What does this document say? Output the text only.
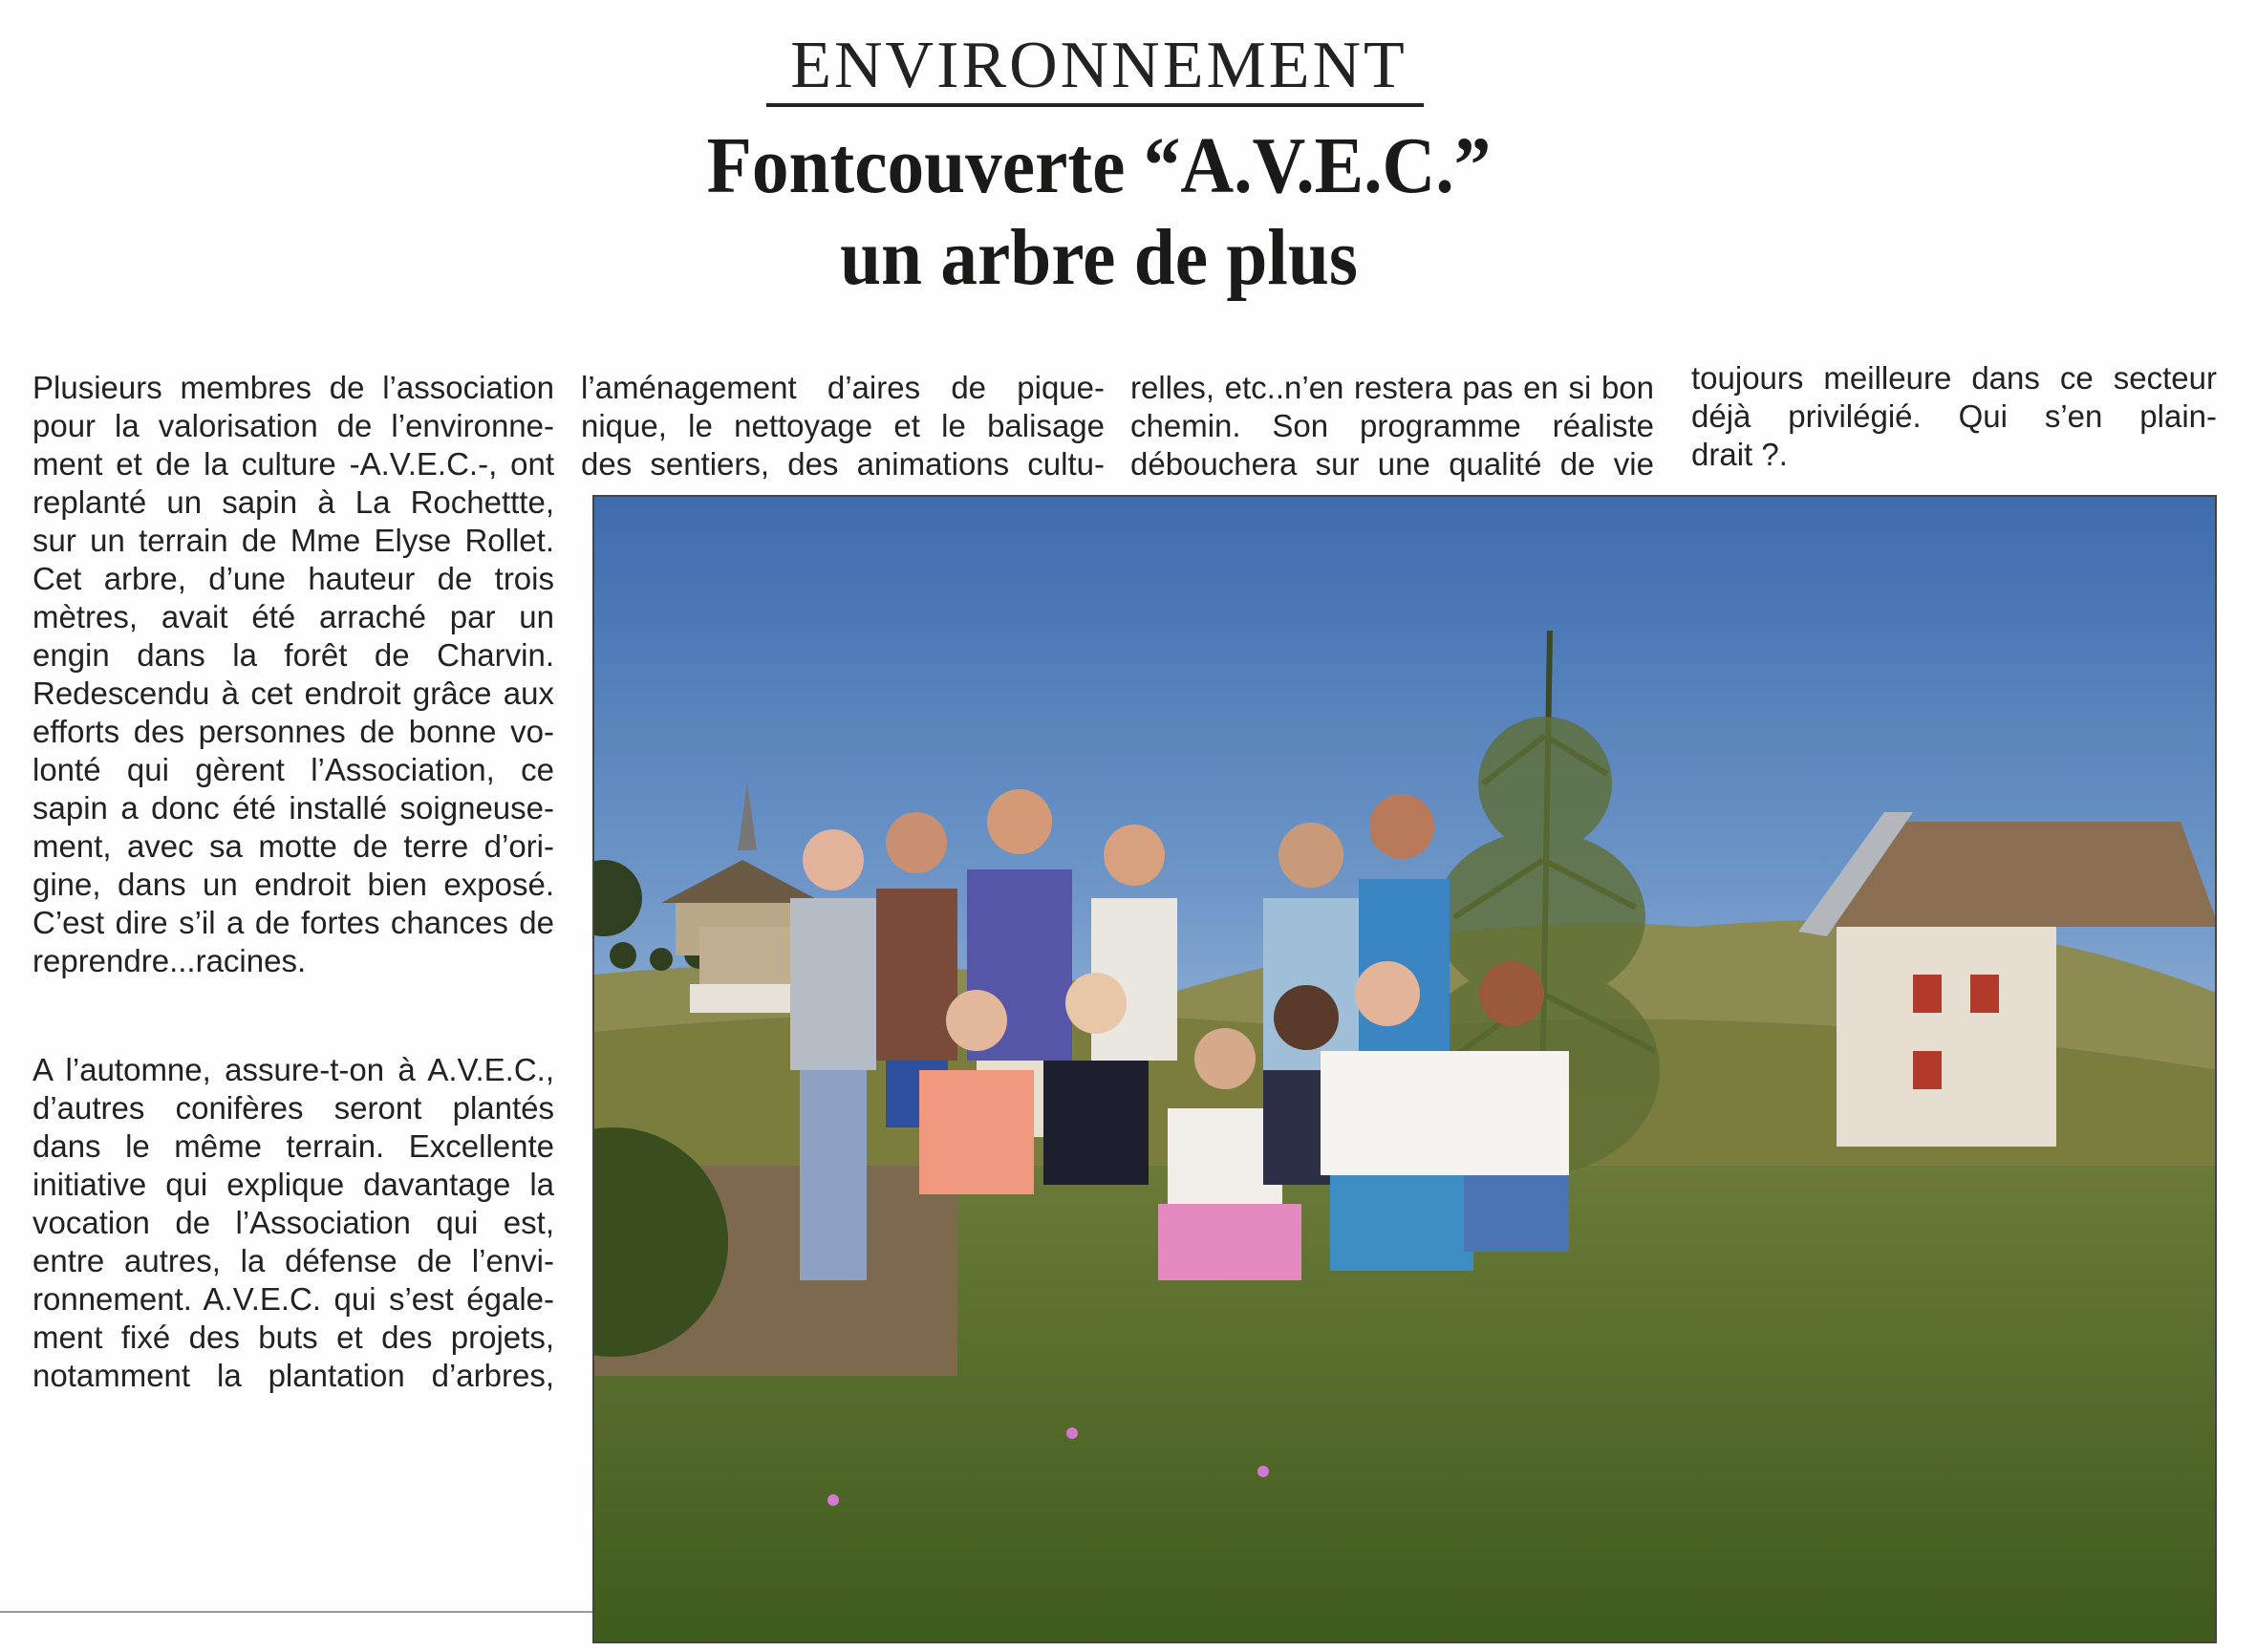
ENVIRONNEMENT
Fontcouverte “A.V.E.C.”
un arbre de plus
Plusieurs membres de l’association
pour la valorisation de l’environne-
ment et de la culture -A.V.E.C.-, ont
replanté un sapin à La Rochettte,
sur un terrain de Mme Elyse Rollet.
Cet arbre, d’une hauteur de trois
mètres, avait été arraché par un
engin dans la forêt de Charvin.
Redescendu à cet endroit grâce aux
efforts des personnes de bonne vo-
lonté qui gèrent l’Association, ce
sapin a donc été installé soigneuse-
ment, avec sa motte de terre d’ori-
gine, dans un endroit bien exposé.
C’est dire s’il a de fortes chances de
reprendre...racines.
A l’automne, assure-t-on à A.V.E.C.,
d’autres conifères seront plantés
dans le même terrain. Excellente
initiative qui explique davantage la
vocation de l’Association qui est,
entre autres, la défense de l’envi-
ronnement. A.V.E.C. qui s’est égale-
ment fixé des buts et des projets,
notamment la plantation d’arbres,
l’aménagement d’aires de pique-
nique, le nettoyage et le balisage
des sentiers, des animations cultu-
relles, etc..n’en restera pas en si bon
chemin. Son programme réaliste
débouchera sur une qualité de vie
toujours meilleure dans ce secteur
déjà privilégié. Qui s’en plain-
drait ?.
